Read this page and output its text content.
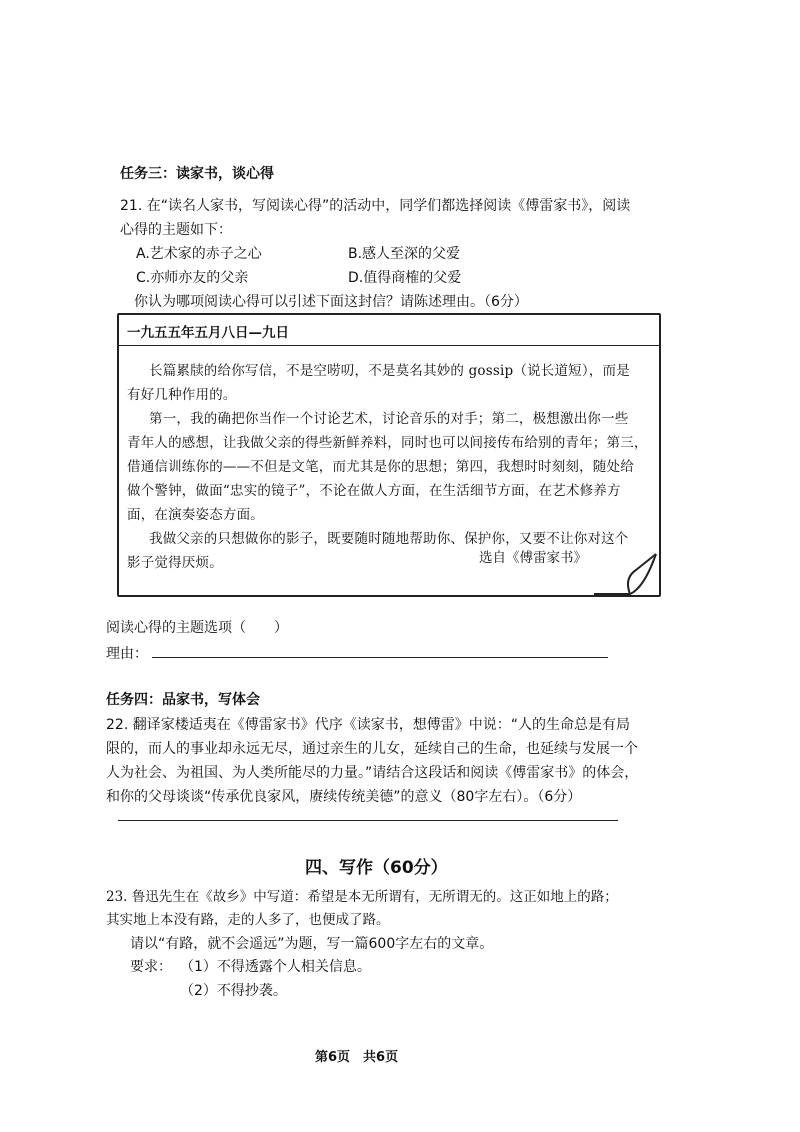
任务三：读家书，谈心得
21. 在“读名人家书，写阅读心得”的活动中，同学们都选择阅读《傅雷家书》，阅读
心得的主题如下：
A.艺术家的赤子之心	B.感人至深的父爱
C.亦师亦友的父亲	D.值得商榷的父爱
你认为哪项阅读心得可以引述下面这封信？请陈述理由。（6分）
一九五五年五月八日—九日
长篇累牍的给你写信，不是空唠叨，不是莫名其妙的 gossip（说长道短），而是
有好几种作用的。
第一，我的确把你当作一个讨论艺术，讨论音乐的对手；第二，极想激出你一些
青年人的感想，让我做父亲的得些新鲜养料，同时也可以间接传布给别的青年；第三，
借通信训练你的——不但是文笔，而尤其是你的思想；第四，我想时时刻刻，随处给
做个警钟，做面“忠实的镜子”，不论在做人方面，在生活细节方面，在艺术修养方
面，在演奏姿态方面。
我做父亲的只想做你的影子，既要随时随地帮助你、保护你，又要不让你对这个
影子觉得厌烦。	选自《傅雷家书》
阅读心得的主题选项（　　）
理由：
任务四：品家书，写体会
22. 翻译家楼适夷在《傅雷家书》代序《读家书，想傅雷》中说：“人的生命总是有局
限的，而人的事业却永远无尽，通过亲生的儿女，延续自己的生命，也延续与发展一个
人为社会、为祖国、为人类所能尽的力量。”请结合这段话和阅读《傅雷家书》的体会，
和你的父母谈谈“传承优良家风，赓续传统美德”的意义（80字左右）。（6分）
四、写作（60分）
23. 鲁迅先生在《故乡》中写道：希望是本无所谓有，无所谓无的。这正如地上的路；
其实地上本没有路，走的人多了，也便成了路。
请以“有路，就不会遥远”为题，写一篇600字左右的文章。
要求： （1）不得透露个人相关信息。
（2）不得抄袭。
第6页　共6页
